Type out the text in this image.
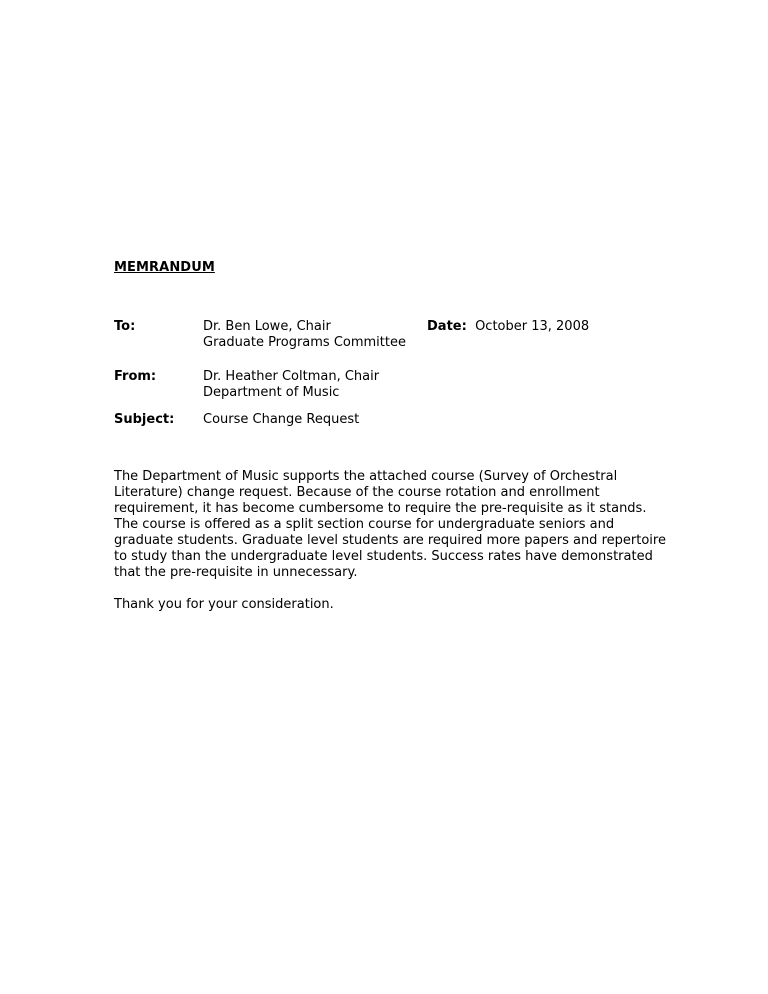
MEMRANDUM
To:	Dr. Ben Lowe, Chair
Graduate Programs Committee
Date: October 13, 2008
From:	Dr. Heather Coltman, Chair
Department of Music
Subject: Course Change Request
The Department of Music supports the attached course (Survey of Orchestral
Literature) change request. Because of the course rotation and enrollment
requirement, it has become cumbersome to require the pre-requisite as it stands.
The course is offered as a split section course for undergraduate seniors and
graduate students. Graduate level students are required more papers and repertoire
to study than the undergraduate level students. Success rates have demonstrated
that the pre-requisite in unnecessary.
Thank you for your consideration.
